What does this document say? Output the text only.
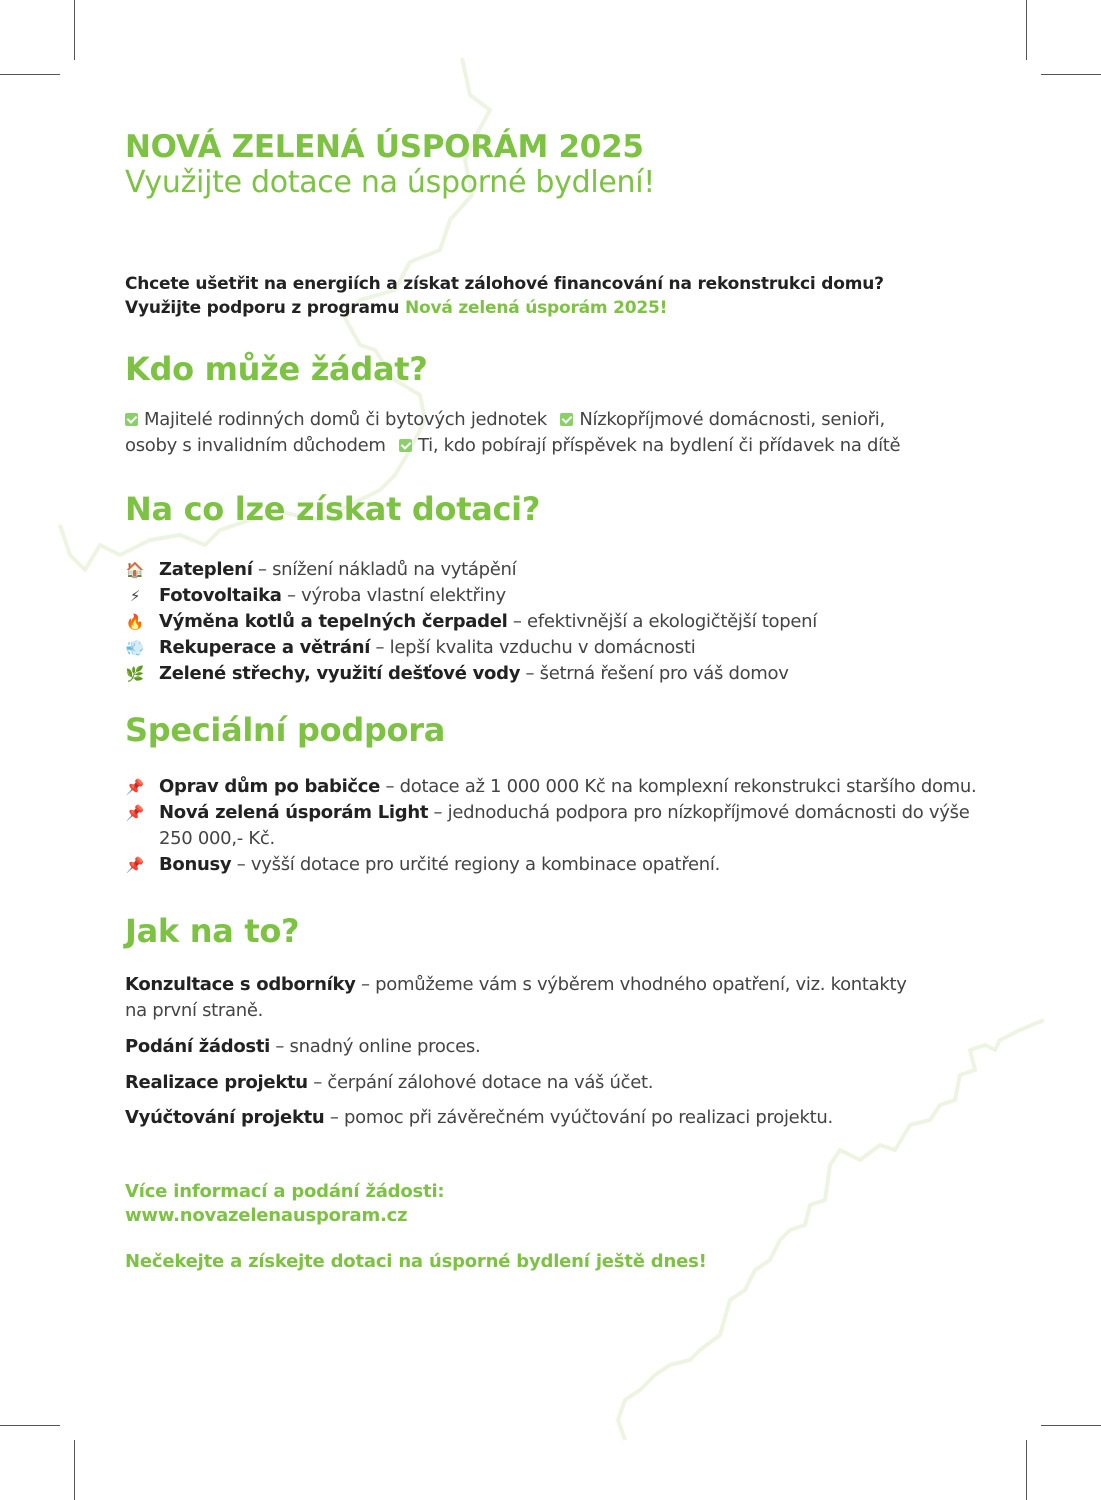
NOVÁ ZELENÁ ÚSPORÁM 2025
Využijte dotace na úsporné bydlení!
Chcete ušetřit na energiích a získat zálohové financování na rekonstrukci domu?
Využijte podporu z programu Nová zelená úsporám 2025!
Kdo může žádat?
Majitelé rodinných domů či bytových jednotek Nízkopříjmové domácnosti, senioři,
osoby s invalidním důchodem Ti, kdo pobírají příspěvek na bydlení či přídavek na dítě
Na co lze získat dotaci?
🏠 Zateplení – snížení nákladů na vytápění
⚡ Fotovoltaika – výroba vlastní elektřiny
🔥 Výměna kotlů a tepelných čerpadel – efektivnější a ekologičtější topení
💨 Rekuperace a větrání – lepší kvalita vzduchu v domácnosti
🌿 Zelené střechy, využití dešťové vody – šetrná řešení pro váš domov
Speciální podpora
📌 Oprav dům po babičce – dotace až 1 000 000 Kč na komplexní rekonstrukci staršího domu.
📌 Nová zelená úsporám Light – jednoduchá podpora pro nízkopříjmové domácnosti do výše
250 000,- Kč.
📌 Bonusy – vyšší dotace pro určité regiony a kombinace opatření.
Jak na to?
Konzultace s odborníky – pomůžeme vám s výběrem vhodného opatření, viz. kontakty
na první straně.
Podání žádosti – snadný online proces.
Realizace projektu – čerpání zálohové dotace na váš účet.
Vyúčtování projektu – pomoc při závěrečném vyúčtování po realizaci projektu.
Více informací a podání žádosti:
www.novazelenausporam.cz
Nečekejte a získejte dotaci na úsporné bydlení ještě dnes!
